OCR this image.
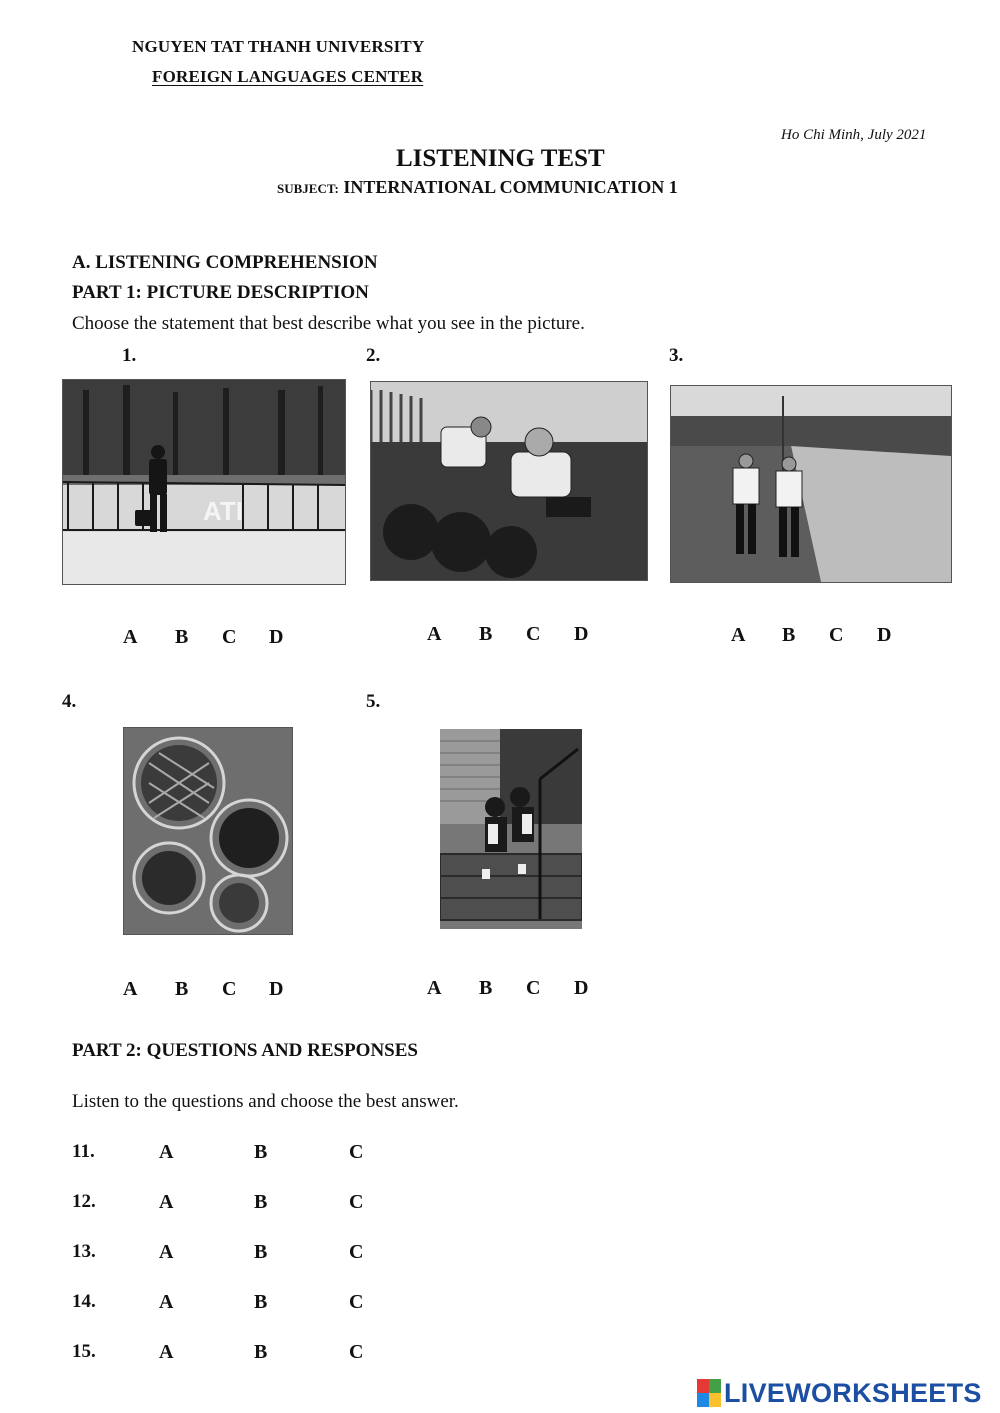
NGUYEN TAT THANH UNIVERSITY
FOREIGN LANGUAGES CENTER
Ho Chi Minh, July 2021
LISTENING TEST
SUBJECT: INTERNATIONAL COMMUNICATION 1
A. LISTENING COMPREHENSION
PART 1: PICTURE DESCRIPTION
Choose the statement that best describe what you see in the picture.
1.	2.	3.
4.	5.
ATI
A B C D	A B C D	A B C D
A B C D	A B C D
PART 2: QUESTIONS AND RESPONSES
Listen to the questions and choose the best answer.
11.	A	B	C
12.	A	B	C
13.	A	B	C
14.	A	B	C
15.	A	B	C
LIVEWORKSHEETS
